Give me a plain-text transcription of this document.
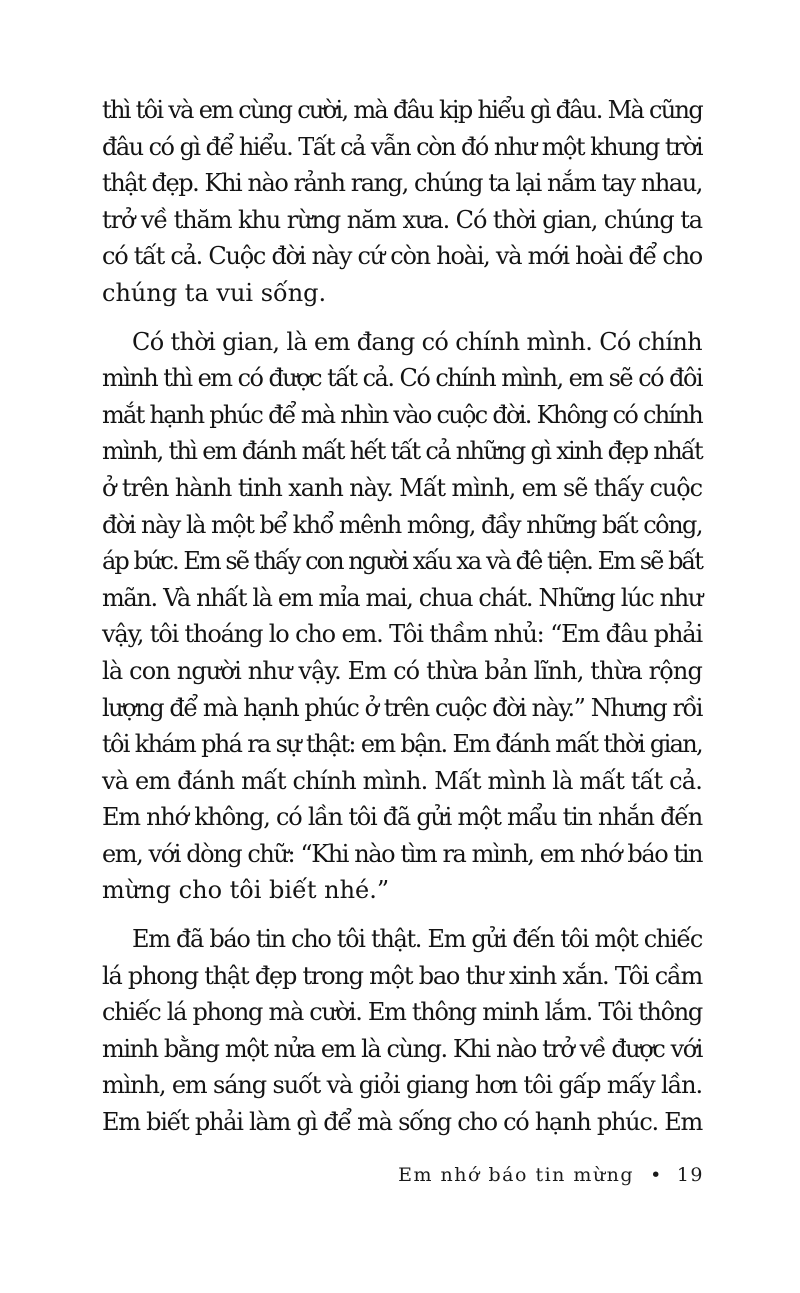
thì tôi và em cùng cười, mà đâu kịp hiểu gì đâu. Mà cũng
đâu có gì để hiểu. Tất cả vẫn còn đó như một khung trời
thật đẹp. Khi nào rảnh rang, chúng ta lại nắm tay nhau,
trở về thăm khu rừng năm xưa. Có thời gian, chúng ta
có tất cả. Cuộc đời này cứ còn hoài, và mới hoài để cho
chúng ta vui sống.

Có thời gian, là em đang có chính mình. Có chính
mình thì em có được tất cả. Có chính mình, em sẽ có đôi
mắt hạnh phúc để mà nhìn vào cuộc đời. Không có chính
mình, thì em đánh mất hết tất cả những gì xinh đẹp nhất
ở trên hành tinh xanh này. Mất mình, em sẽ thấy cuộc
đời này là một bể khổ mênh mông, đầy những bất công,
áp bức. Em sẽ thấy con người xấu xa và đê tiện. Em sẽ bất
mãn. Và nhất là em mỉa mai, chua chát. Những lúc như
vậy, tôi thoáng lo cho em. Tôi thầm nhủ: “Em đâu phải
là con người như vậy. Em có thừa bản lĩnh, thừa rộng
lượng để mà hạnh phúc ở trên cuộc đời này.” Nhưng rồi
tôi khám phá ra sự thật: em bận. Em đánh mất thời gian,
và em đánh mất chính mình. Mất mình là mất tất cả.
Em nhớ không, có lần tôi đã gửi một mẩu tin nhắn đến
em, với dòng chữ: “Khi nào tìm ra mình, em nhớ báo tin
mừng cho tôi biết nhé.”

Em đã báo tin cho tôi thật. Em gửi đến tôi một chiếc
lá phong thật đẹp trong một bao thư xinh xắn. Tôi cầm
chiếc lá phong mà cười. Em thông minh lắm. Tôi thông
minh bằng một nửa em là cùng. Khi nào trở về được với
mình, em sáng suốt và giỏi giang hơn tôi gấp mấy lần.
Em biết phải làm gì để mà sống cho có hạnh phúc. Em

Em nhớ báo tin mừng • 19
